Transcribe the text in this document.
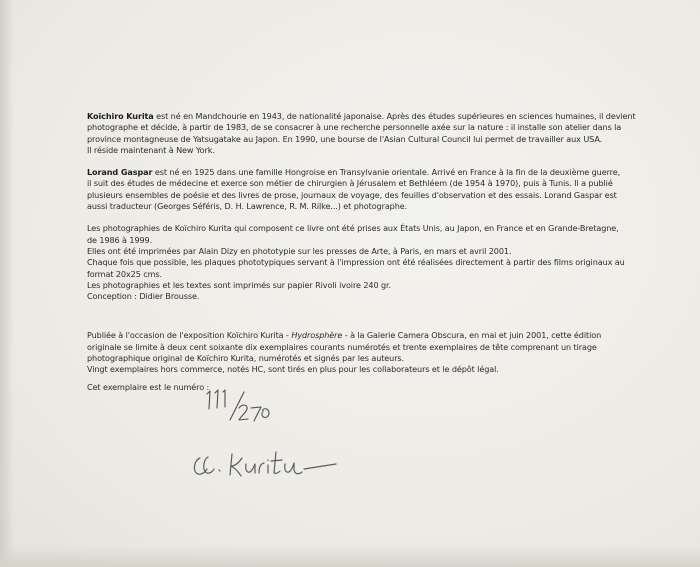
Koïchiro Kurita est né en Mandchourie en 1943, de nationalité japonaise. Après des études supérieures en sciences humaines, il devient
photographe et décide, à partir de 1983, de se consacrer à une recherche personnelle axée sur la nature : il installe son atelier dans la
province montagneuse de Yatsugatake au Japon. En 1990, une bourse de l'Asian Cultural Council lui permet de travailler aux USA.
Il réside maintenant à New York.
Lorand Gaspar est né en 1925 dans une famille Hongroise en Transylvanie orientale. Arrivé en France à la fin de la deuxième guerre,
il suit des études de médecine et exerce son métier de chirurgien à Jérusalem et Bethléem (de 1954 à 1970), puis à Tunis. Il a publié
plusieurs ensembles de poésie et des livres de prose, journaux de voyage, des feuilles d'observation et des essais. Lorand Gaspar est
aussi traducteur (Georges Séféris, D. H. Lawrence, R. M. Rilke...) et photographe.
Les photographies de Koïchiro Kurita qui composent ce livre ont été prises aux États Unis, au Japon, en France et en Grande-Bretagne,
de 1986 à 1999.
Elles ont été imprimées par Alain Dizy en phototypie sur les presses de Arte, à Paris, en mars et avril 2001.
Chaque fois que possible, les plaques phototypiques servant à l'impression ont été réalisées directement à partir des films originaux au
format 20x25 cms.
Les photographies et les textes sont imprimés sur papier Rivoli ivoire 240 gr.
Conception : Didier Brousse.
Publiée à l'occasion de l'exposition Koïchiro Kurita - Hydrosphère - à la Galerie Camera Obscura, en mai et juin 2001, cette édition
originale se limite à deux cent soixante dix exemplaires courants numérotés et trente exemplaires de tête comprenant un tirage
photographique original de Koïchiro Kurita, numérotés et signés par les auteurs.
Vingt exemplaires hors commerce, notés HC, sont tirés en plus pour les collaborateurs et le dépôt légal.
Cet exemplaire est le numéro :
